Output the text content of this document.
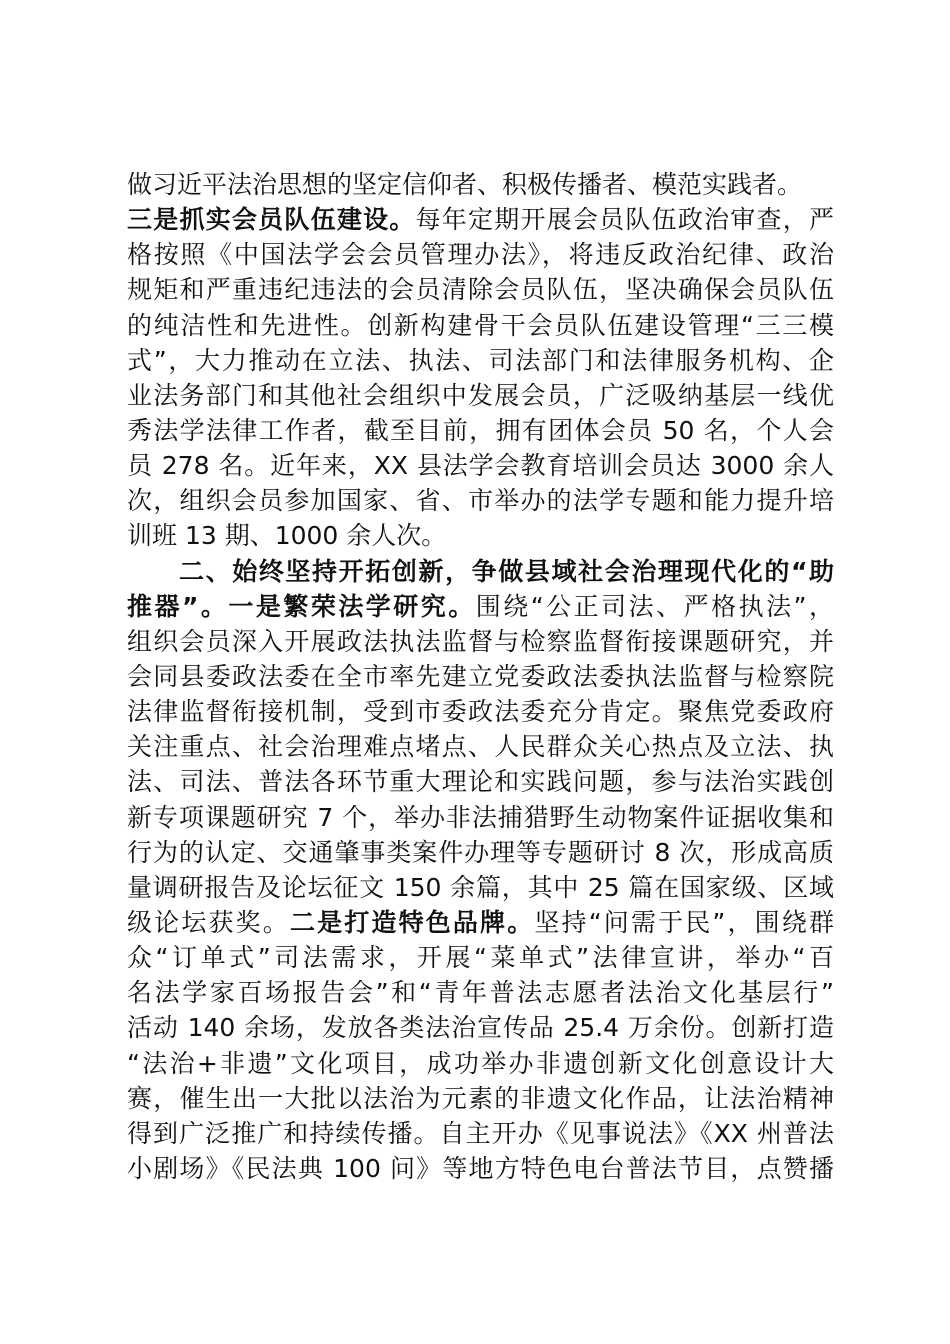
做习近平法治思想的坚定信仰者、积极传播者、模范实践者。
三是抓实会员队伍建设。每年定期开展会员队伍政治审查，严
格按照《中国法学会会员管理办法》，将违反政治纪律、政治
规矩和严重违纪违法的会员清除会员队伍，坚决确保会员队伍
的纯洁性和先进性。创新构建骨干会员队伍建设管理“三三模
式”，大力推动在立法、执法、司法部门和法律服务机构、企
业法务部门和其他社会组织中发展会员，广泛吸纳基层一线优
秀法学法律工作者，截至目前，拥有团体会员 50 名，个人会
员 278 名。近年来，XX 县法学会教育培训会员达 3000 余人
次，组织会员参加国家、省、市举办的法学专题和能力提升培
训班 13 期、1000 余人次。
二、始终坚持开拓创新，争做县域社会治理现代化的“助
推器”。一是繁荣法学研究。围绕“公正司法、严格执法”，
组织会员深入开展政法执法监督与检察监督衔接课题研究，并
会同县委政法委在全市率先建立党委政法委执法监督与检察院
法律监督衔接机制，受到市委政法委充分肯定。聚焦党委政府
关注重点、社会治理难点堵点、人民群众关心热点及立法、执
法、司法、普法各环节重大理论和实践问题，参与法治实践创
新专项课题研究 7 个，举办非法捕猎野生动物案件证据收集和
行为的认定、交通肇事类案件办理等专题研讨 8 次，形成高质
量调研报告及论坛征文 150 余篇，其中 25 篇在国家级、区域
级论坛获奖。二是打造特色品牌。坚持“问需于民”，围绕群
众“订单式”司法需求，开展“菜单式”法律宣讲，举办“百
名法学家百场报告会”和“青年普法志愿者法治文化基层行”
活动 140 余场，发放各类法治宣传品 25.4 万余份。创新打造
“法治+非遗”文化项目，成功举办非遗创新文化创意设计大
赛，催生出一大批以法治为元素的非遗文化作品，让法治精神
得到广泛推广和持续传播。自主开办《见事说法》《XX 州普法
小剧场》《民法典 100 问》等地方特色电台普法节目，点赞播
